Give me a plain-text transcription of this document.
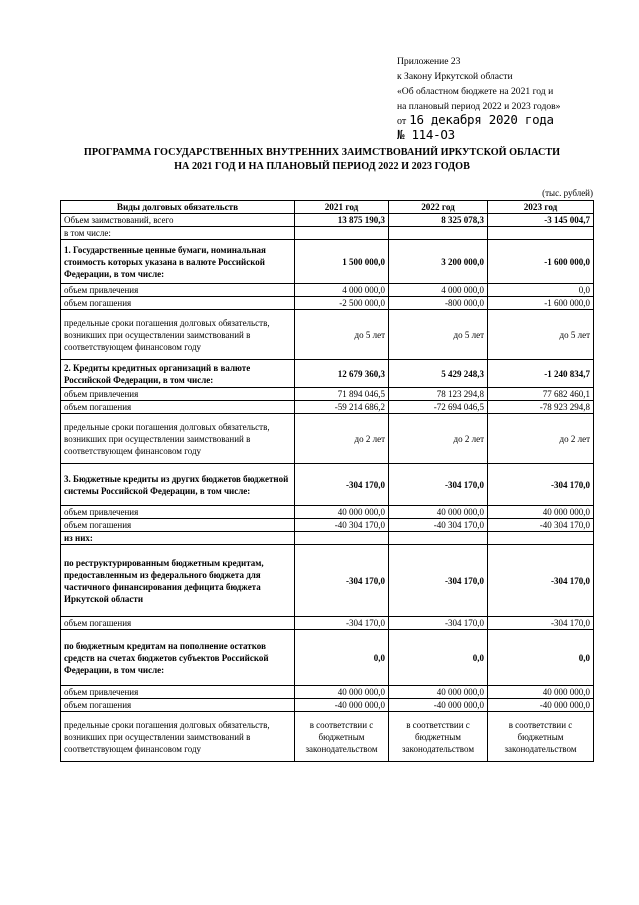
Приложение 23
к Закону Иркутской области
«Об областном бюджете на 2021 год и
на плановый период 2022 и 2023 годов»
от 16 декабря 2020 года
№ 114-ОЗ
ПРОГРАММА ГОСУДАРСТВЕННЫХ ВНУТРЕННИХ ЗАИМСТВОВАНИЙ ИРКУТСКОЙ ОБЛАСТИ
НА 2021 ГОД И НА ПЛАНОВЫЙ ПЕРИОД 2022 И 2023 ГОДОВ
(тыс. рублей)
Виды долговых обязательств	2021 год	2022 год	2023 год
Объем заимствований, всего	13 875 190,3	8 325 078,3	-3 145 004,7
в том числе:			
1. Государственные ценные бумаги, номинальная стоимость которых указана в валюте Российской Федерации, в том числе:	1 500 000,0	3 200 000,0	-1 600 000,0
объем привлечения	4 000 000,0	4 000 000,0	0,0
объем погашения	-2 500 000,0	-800 000,0	-1 600 000,0
предельные сроки погашения долговых обязательств, возникших при осуществлении заимствований в соответствующем финансовом году	до 5 лет	до 5 лет	до 5 лет
2. Кредиты кредитных организаций в валюте Российской Федерации, в том числе:	12 679 360,3	5 429 248,3	-1 240 834,7
объем привлечения	71 894 046,5	78 123 294,8	77 682 460,1
объем погашения	-59 214 686,2	-72 694 046,5	-78 923 294,8
предельные сроки погашения долговых обязательств, возникших при осуществлении заимствований в соответствующем финансовом году	до 2 лет	до 2 лет	до 2 лет
3. Бюджетные кредиты из других бюджетов бюджетной системы Российской Федерации, в том числе:	-304 170,0	-304 170,0	-304 170,0
объем привлечения	40 000 000,0	40 000 000,0	40 000 000,0
объем погашения	-40 304 170,0	-40 304 170,0	-40 304 170,0
из них:			
по реструктурированным бюджетным кредитам, предоставленным из федерального бюджета для частичного финансирования дефицита бюджета Иркутской области	-304 170,0	-304 170,0	-304 170,0
объем погашения	-304 170,0	-304 170,0	-304 170,0
по бюджетным кредитам на пополнение остатков средств на счетах бюджетов субъектов Российской Федерации, в том числе:	0,0	0,0	0,0
объем привлечения	40 000 000,0	40 000 000,0	40 000 000,0
объем погашения	-40 000 000,0	-40 000 000,0	-40 000 000,0
предельные сроки погашения долговых обязательств, возникших при осуществлении заимствований в соответствующем финансовом году	в соответствии с бюджетным законодательством	в соответствии с бюджетным законодательством	в соответствии с бюджетным законодательством
